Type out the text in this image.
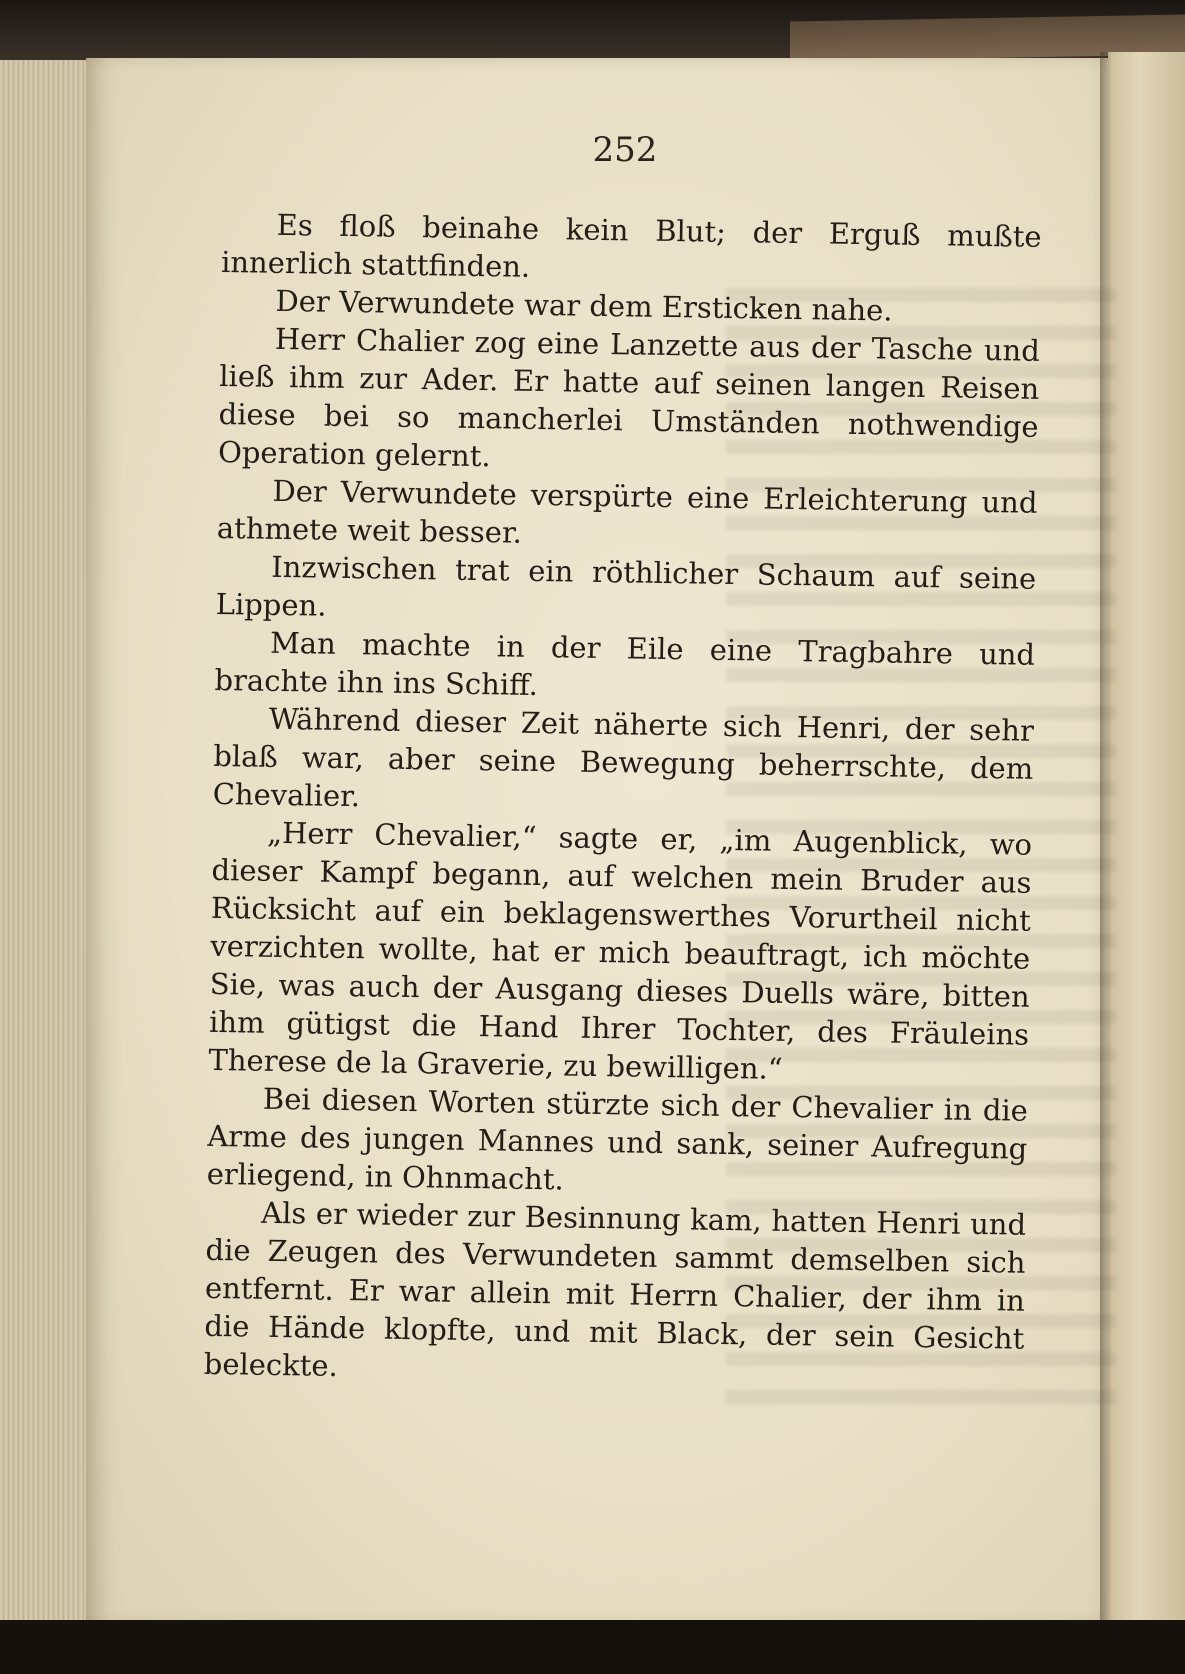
252

Es floß beinahe kein Blut; der Erguß mußte innerlich stattfinden.

Der Verwundete war dem Ersticken nahe.

Herr Chalier zog eine Lanzette aus der Tasche und ließ ihm zur Ader. Er hatte auf seinen langen Reisen diese bei so mancherlei Umständen nothwendige Operation gelernt.

Der Verwundete verspürte eine Erleichterung und athmete weit besser.

Inzwischen trat ein röthlicher Schaum auf seine Lippen.

Man machte in der Eile eine Tragbahre und brachte ihn ins Schiff.

Während dieser Zeit näherte sich Henri, der sehr blaß war, aber seine Bewegung beherrschte, dem Chevalier.

„Herr Chevalier,“ sagte er, „im Augenblick, wo dieser Kampf begann, auf welchen mein Bruder aus Rücksicht auf ein beklagenswerthes Vorurtheil nicht verzichten wollte, hat er mich beauftragt, ich möchte Sie, was auch der Ausgang dieses Duells wäre, bitten ihm gütigst die Hand Ihrer Tochter, des Fräuleins Therese de la Graverie, zu bewilligen.“

Bei diesen Worten stürzte sich der Chevalier in die Arme des jungen Mannes und sank, seiner Aufregung erliegend, in Ohnmacht.

Als er wieder zur Besinnung kam, hatten Henri und die Zeugen des Verwundeten sammt demselben sich entfernt. Er war allein mit Herrn Chalier, der ihm in die Hände klopfte, und mit Black, der sein Gesicht beleckte.
